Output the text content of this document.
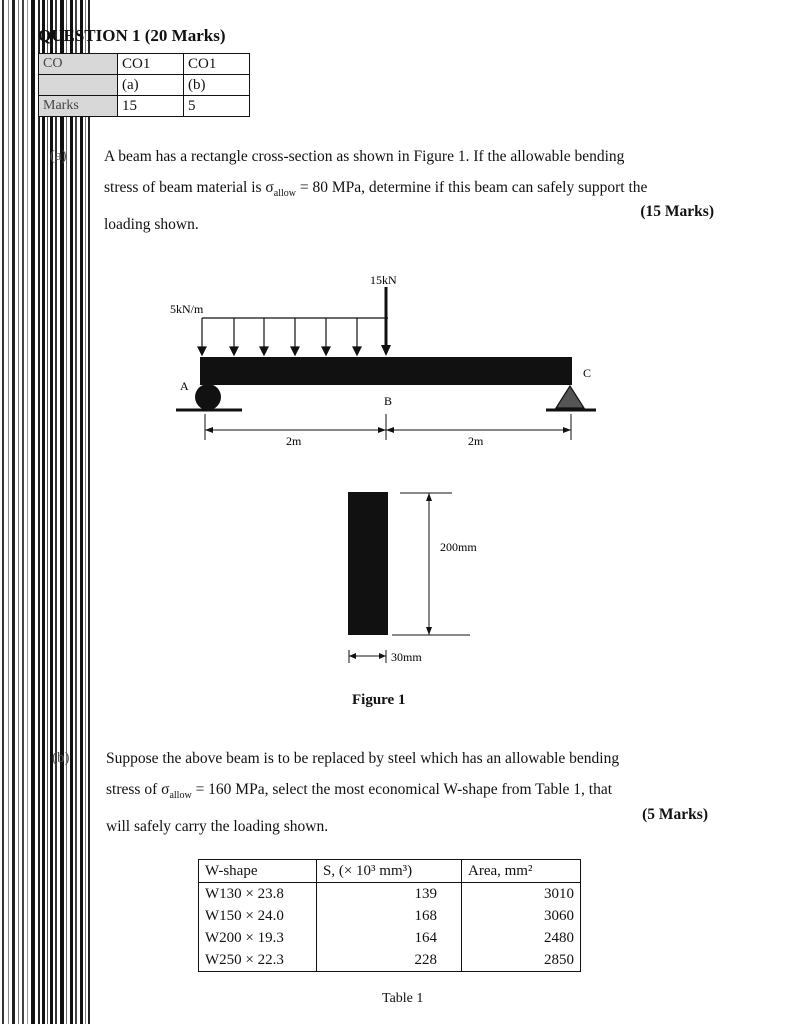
QUESTION 1 (20 Marks)
CO	CO1	CO1
	(a)	(b)
Marks	15	5
(a) A beam has a rectangle cross-section as shown in Figure 1. If the allowable bending
stress of beam material is $\sigma_{allow} = 80$ MPa, determine if this beam can safely support the
loading shown.
(15 Marks)
5kN/m
15kN
A
C
B
2m	2m
200mm
30mm
Figure 1
(b) Suppose the above beam is to be replaced by steel which has an allowable bending
stress of $\sigma_{allow} = 160$ MPa, select the most economical W-shape from Table 1, that
will safely carry the loading shown.
(5 Marks)
W-shape	S, (× 10³ mm³)	Area, mm²
W130 × 23.8	139	3010
W150 × 24.0	168	3060
W200 × 19.3	164	2480
W250 × 22.3	228	2850
Table 1
